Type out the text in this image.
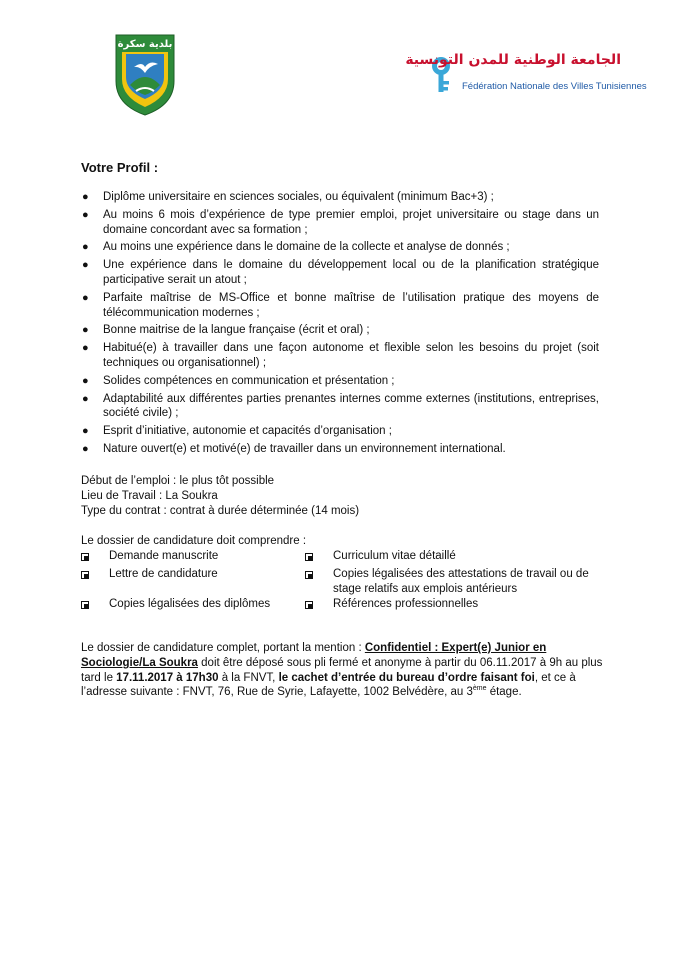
بلدية سكرة
الجامعة الوطنية للمدن التونسية
Fédération Nationale des Villes Tunisiennes
Votre Profil :
● Diplôme universitaire en sciences sociales, ou équivalent (minimum Bac+3) ;
● Au moins 6 mois d’expérience de type premier emploi, projet universitaire ou stage dans un domaine concordant avec sa formation ;
● Au moins une expérience dans le domaine de la collecte et analyse de donnés ;
● Une expérience dans le domaine du développement local ou de la planification stratégique participative serait un atout ;
● Parfaite maîtrise de MS-Office et bonne maîtrise de l’utilisation pratique des moyens de télécommunication modernes ;
● Bonne maitrise de la langue française (écrit et oral) ;
● Habitué(e) à travailler dans une façon autonome et flexible selon les besoins du projet (soit techniques ou organisationnel) ;
● Solides compétences en communication et présentation ;
● Adaptabilité aux différentes parties prenantes internes comme externes (institutions, entreprises, société civile) ;
● Esprit d’initiative, autonomie et capacités d’organisation ;
● Nature ouvert(e) et motivé(e) de travailler dans un environnement international.
Début de l’emploi : le plus tôt possible
Lieu de Travail : La Soukra
Type du contrat : contrat à durée déterminée (14 mois)
Le dossier de candidature doit comprendre :
Demande manuscrite	Curriculum vitae détaillé
Lettre de candidature	Copies légalisées des attestations de travail ou de stage relatifs aux emplois antérieurs
Copies légalisées des diplômes	Références professionnelles
Le dossier de candidature complet, portant la mention : Confidentiel : Expert(e) Junior en Sociologie/La Soukra doit être déposé sous pli fermé et anonyme à partir du 06.11.2017 à 9h au plus tard le 17.11.2017 à 17h30 à la FNVT, le cachet d’entrée du bureau d’ordre faisant foi, et ce à l’adresse suivante : FNVT, 76, Rue de Syrie, Lafayette, 1002 Belvédère, au 3ème étage.
